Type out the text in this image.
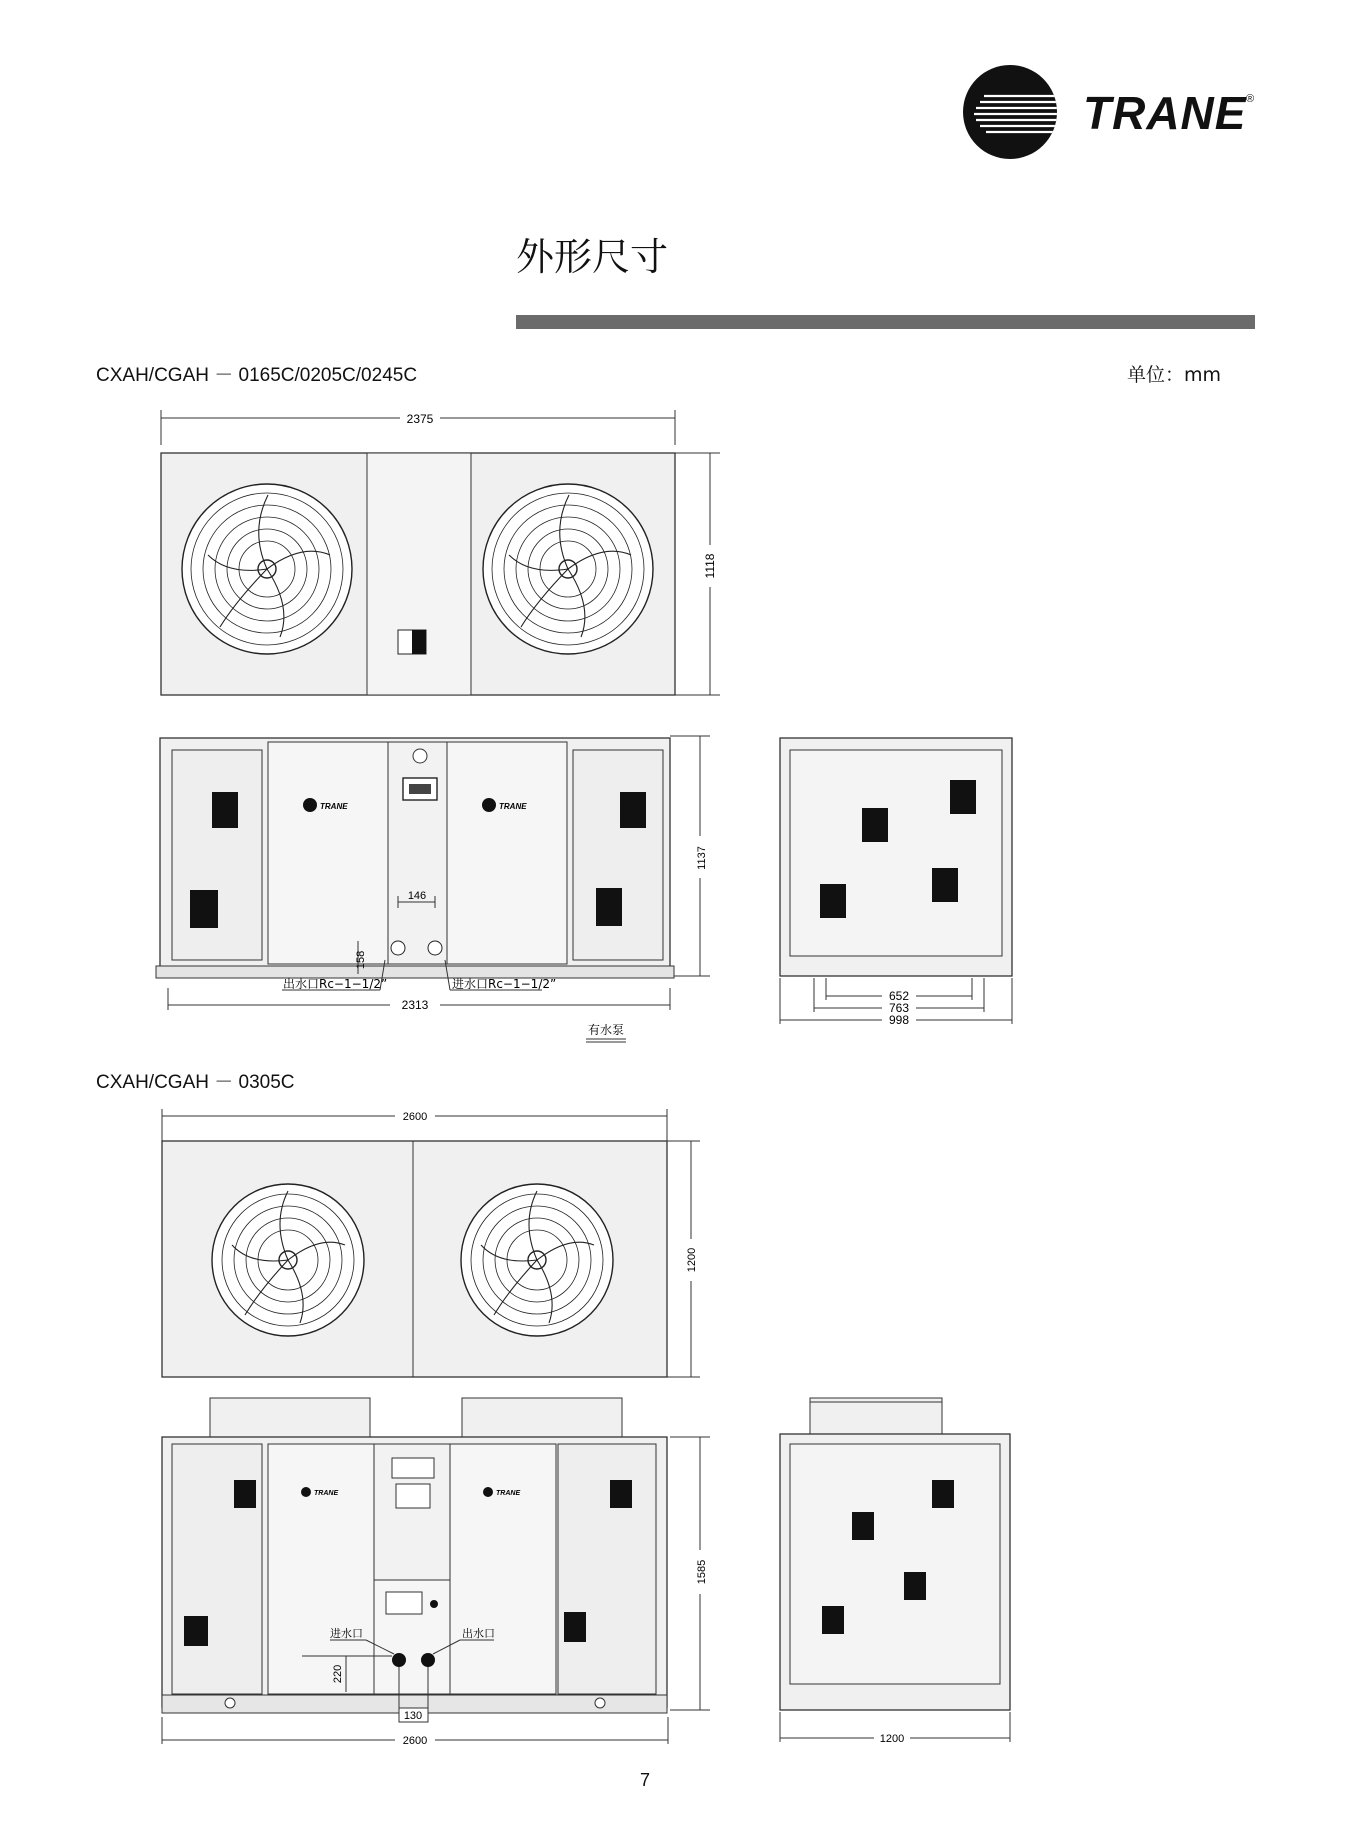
TRANE ®
外形尺寸
CXAH/CGAH － 0165C/0205C/0245C	单位：mm
2375
1118
1137
2313
TRANE	TRANE
146
158
出水口Rc−1−1/2”	进水口Rc−1−1/2”
有水泵
652
763
998
CXAH/CGAH － 0305C
2600
1200
1585
2600
TRANE	TRANE
进水口	出水口
220
130
1200
7
